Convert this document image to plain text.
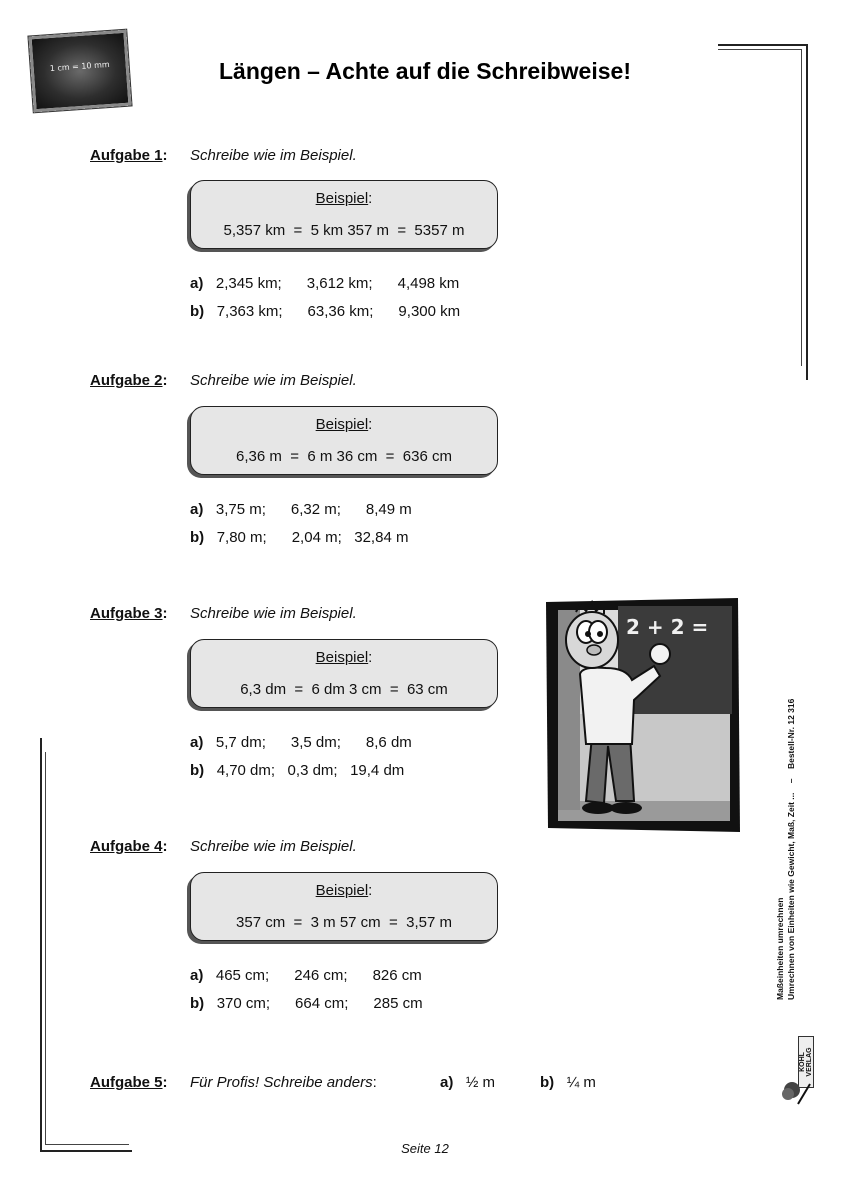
1 cm = 10 mm	Längen – Achte auf die Schreibweise!
Aufgabe 1: Schreibe wie im Beispiel.
Beispiel:
5,357 km  =  5 km 357 m  =  5357 m
a) 2,345 km;      3,612 km;      4,498 km
b) 7,363 km;      63,36 km;      9,300 km
Aufgabe 2: Schreibe wie im Beispiel.
Beispiel:
6,36 m  =  6 m 36 cm  =  636 cm
a) 3,75 m;      6,32 m;      8,49 m
b) 7,80 m;      2,04 m;   32,84 m
Aufgabe 3: Schreibe wie im Beispiel.
Beispiel:
6,3 dm  =  6 dm 3 cm  =  63 cm
a) 5,7 dm;      3,5 dm;      8,6 dm
b) 4,70 dm;   0,3 dm;   19,4 dm
Aufgabe 4: Schreibe wie im Beispiel.
Beispiel:
357 cm  =  3 m 57 cm  =  3,57 m
a) 465 cm;      246 cm;      826 cm
b) 370 cm;      664 cm;      285 cm
Aufgabe 5: Für Profis! Schreibe anders:	a) ½ m	b) ¼ m
2 + 2 =
Maßeinheiten umrechnen
Umrechnen von Einheiten wie Gewicht, Maß, Zeit ...    –    Bestell-Nr. 12 316
KOHL VERLAG
Seite 12
